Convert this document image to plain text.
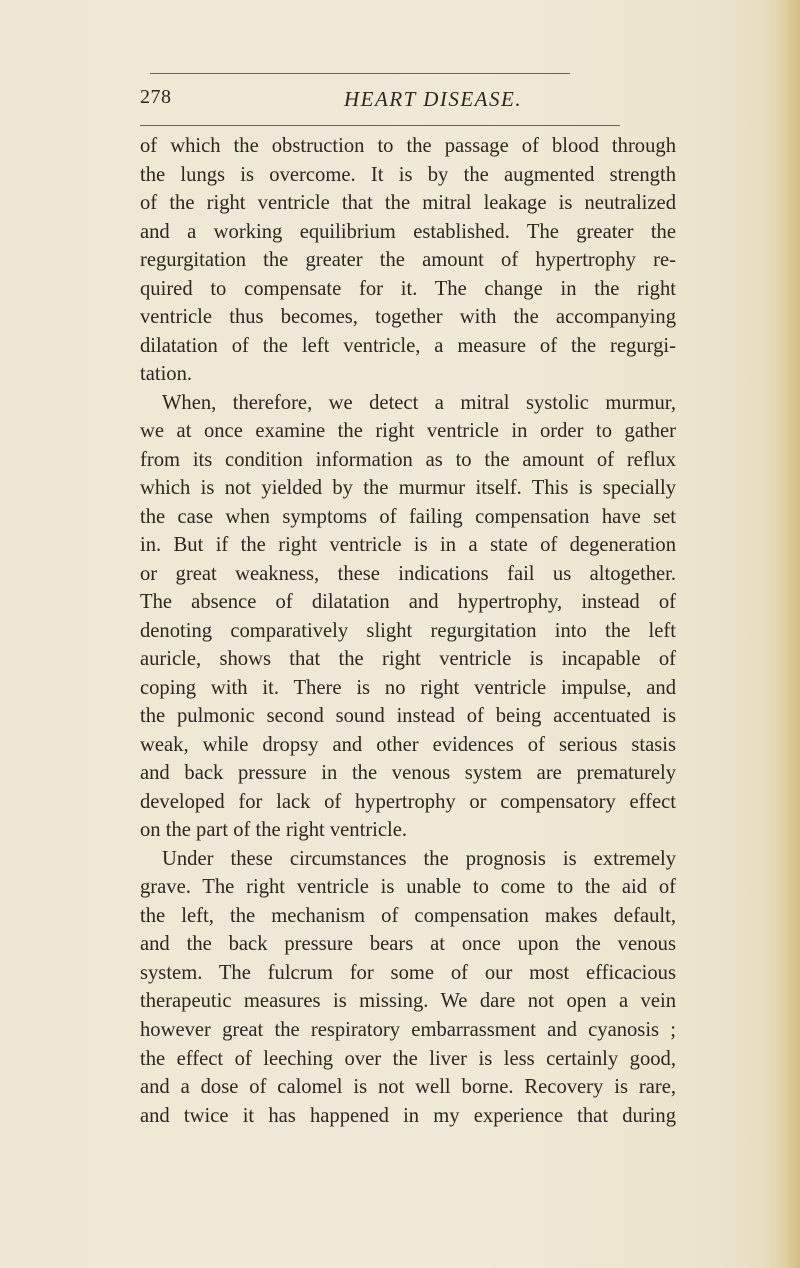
278	HEART DISEASE.
of which the obstruction to the passage of blood through
the lungs is overcome. It is by the augmented strength
of the right ventricle that the mitral leakage is neutralized
and a working equilibrium established. The greater the
regurgitation the greater the amount of hypertrophy re-
quired to compensate for it. The change in the right
ventricle thus becomes, together with the accompanying
dilatation of the left ventricle, a measure of the regurgi-
tation.
When, therefore, we detect a mitral systolic murmur,
we at once examine the right ventricle in order to gather
from its condition information as to the amount of reflux
which is not yielded by the murmur itself. This is specially
the case when symptoms of failing compensation have set
in. But if the right ventricle is in a state of degeneration
or great weakness, these indications fail us altogether.
The absence of dilatation and hypertrophy, instead of
denoting comparatively slight regurgitation into the left
auricle, shows that the right ventricle is incapable of
coping with it. There is no right ventricle impulse, and
the pulmonic second sound instead of being accentuated is
weak, while dropsy and other evidences of serious stasis
and back pressure in the venous system are prematurely
developed for lack of hypertrophy or compensatory effect
on the part of the right ventricle.
Under these circumstances the prognosis is extremely
grave. The right ventricle is unable to come to the aid of
the left, the mechanism of compensation makes default,
and the back pressure bears at once upon the venous
system. The fulcrum for some of our most efficacious
therapeutic measures is missing. We dare not open a vein
however great the respiratory embarrassment and cyanosis ;
the effect of leeching over the liver is less certainly good,
and a dose of calomel is not well borne. Recovery is rare,
and twice it has happened in my experience that during
